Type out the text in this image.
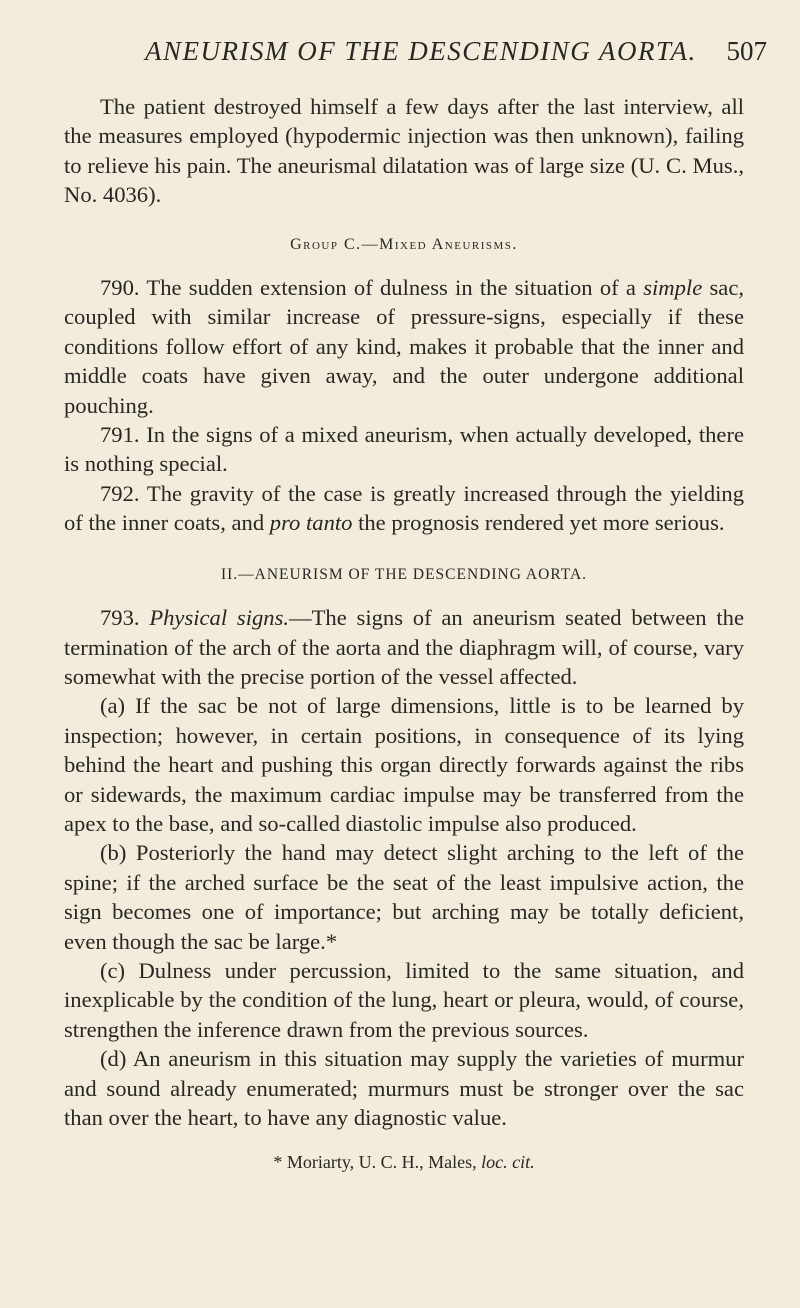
ANEURISM OF THE DESCENDING AORTA. 507

The patient destroyed himself a few days after the last interview, all the measures employed (hypodermic injection was then unknown), failing to relieve his pain. The aneurismal dilatation was of large size (U. C. Mus., No. 4036).

Group C.—Mixed Aneurisms.

790. The sudden extension of dulness in the situation of a simple sac, coupled with similar increase of pressure-signs, especially if these conditions follow effort of any kind, makes it probable that the inner and middle coats have given away, and the outer undergone additional pouching.

791. In the signs of a mixed aneurism, when actually developed, there is nothing special.

792. The gravity of the case is greatly increased through the yielding of the inner coats, and pro tanto the prognosis rendered yet more serious.

II.—ANEURISM OF THE DESCENDING AORTA.

793. Physical signs.—The signs of an aneurism seated between the termination of the arch of the aorta and the diaphragm will, of course, vary somewhat with the precise portion of the vessel affected.

(a) If the sac be not of large dimensions, little is to be learned by inspection; however, in certain positions, in consequence of its lying behind the heart and pushing this organ directly forwards against the ribs or sidewards, the maximum cardiac impulse may be transferred from the apex to the base, and so-called diastolic impulse also produced.

(b) Posteriorly the hand may detect slight arching to the left of the spine; if the arched surface be the seat of the least impulsive action, the sign becomes one of importance; but arching may be totally deficient, even though the sac be large.*

(c) Dulness under percussion, limited to the same situation, and inexplicable by the condition of the lung, heart or pleura, would, of course, strengthen the inference drawn from the previous sources.

(d) An aneurism in this situation may supply the varieties of murmur and sound already enumerated; murmurs must be stronger over the sac than over the heart, to have any diagnostic value.

* Moriarty, U. C. H., Males, loc. cit.
